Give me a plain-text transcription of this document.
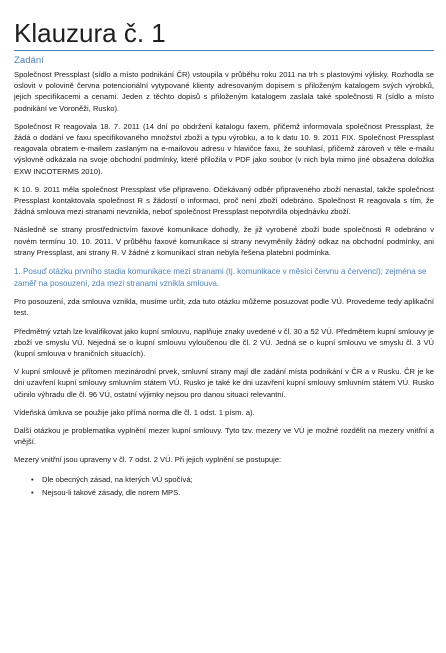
Klauzura č. 1
Zadání

Společnost Pressplast (sídlo a místo podnikání ČR) vstoupila v průběhu roku 2011 na trh s plastovými výlisky. Rozhodla se oslovit v polovině června potencionální vytypované klienty adresovaným dopisem s přiloženým katalogem svých výrobků, jejich specifikacemi a cenami. Jeden z těchto dopisů s přiloženým katalogem zaslala také společnosti R (sídlo a místo podnikání ve Voroněži, Rusko).

Společnost R reagovala 18. 7. 2011 (14 dní po obdržení katalogu faxem, přičemž informovala společnost Pressplast, že žádá o dodání ve faxu specifikovaného množství zboží a typu výrobku, a to k datu 10. 9. 2011 FIX. Společnost Pressplast reagovala obratem e-mailem zaslaným na e-mailovou adresu v hlavičce faxu, že souhlasí, přičemž zároveň v těle e-mailu výslovně odkázala na svoje obchodní podmínky, které přiložila v PDF jako soubor (v nich byla mimo jiné obsažena doložka EXW INCOTERMS 2010).

K 10. 9. 2011 měla společnost Pressplast vše připraveno. Očekávaný odběr připraveného zboží nenastal, takže společnost Pressplast kontaktovala společnost R s žádostí o informaci, proč není zboží odebráno. Společnost R reagovala s tím, že žádná smlouva mezi stranami nevznikla, neboť společnost Pressplast nepotvrdila objednávku zboží.

Následně se strany prostřednictvím faxové komunikace dohodly, že již vyrobené zboží bude společnosti R odebráno v novém termínu 10. 10. 2011. V průběhu faxové komunikace si strany nevyměnily žádný odkaz na obchodní podmínky, ani strany Pressplast, ani strany R. V žádné z komunikací stran nebyla řešena platební podmínka.

1. Posuď otázku prvního stadia komunikace mezi stranami (tj. komunikace v měsíci červnu a červenci); zejména se zaměř na posouzení, zda mezi stranami vznikla smlouva.

Pro posouzení, zda smlouva vznikla, musíme určit, zda tuto otázku můžeme posuzovat podle VÚ. Provedeme tedy aplikační test.

Předmětný vztah lze kvalifikovat jako kupní smlouvu, naplňuje znaky uvedené v čl. 30 a 52 VÚ. Předmětem kupní smlouvy je zboží ve smyslu VÚ. Nejedná se o kupní smlouvu vyloučenou dle čl. 2 VÚ. Jedná se o kupní smlouvu ve smyslu čl. 3 VÚ (kupní smlouva v hraničních situacích).

V kupní smlouvě je přítomen mezinárodní prvek, smluvní strany mají dle zadání místa podnikání v ČR a v Rusku. ČR je ke dni uzavření kupní smlouvy smluvním státem VÚ. Rusko je také ke dni uzavření kupní smlouvy smluvním státem VÚ. Rusko učinilo výhradu dle čl. 96 VÚ, ostatní výjimky nejsou pro danou situaci relevantní.

Vídeňská úmluva se použije jako přímá norma dle čl. 1 odst. 1 písm. a).

Další otázkou je problematika vyplnění mezer kupní smlouvy. Tyto tzv. mezery ve VÚ je možné rozdělit na mezery vnitřní a vnější.

Mezery vnitřní jsou upraveny v čl. 7 odst. 2 VÚ. Při jejich vyplnění se postupuje:

• Dle obecných zásad, na kterých VÚ spočívá;
• Nejsou-li takové zásady, dle norem MPS.
